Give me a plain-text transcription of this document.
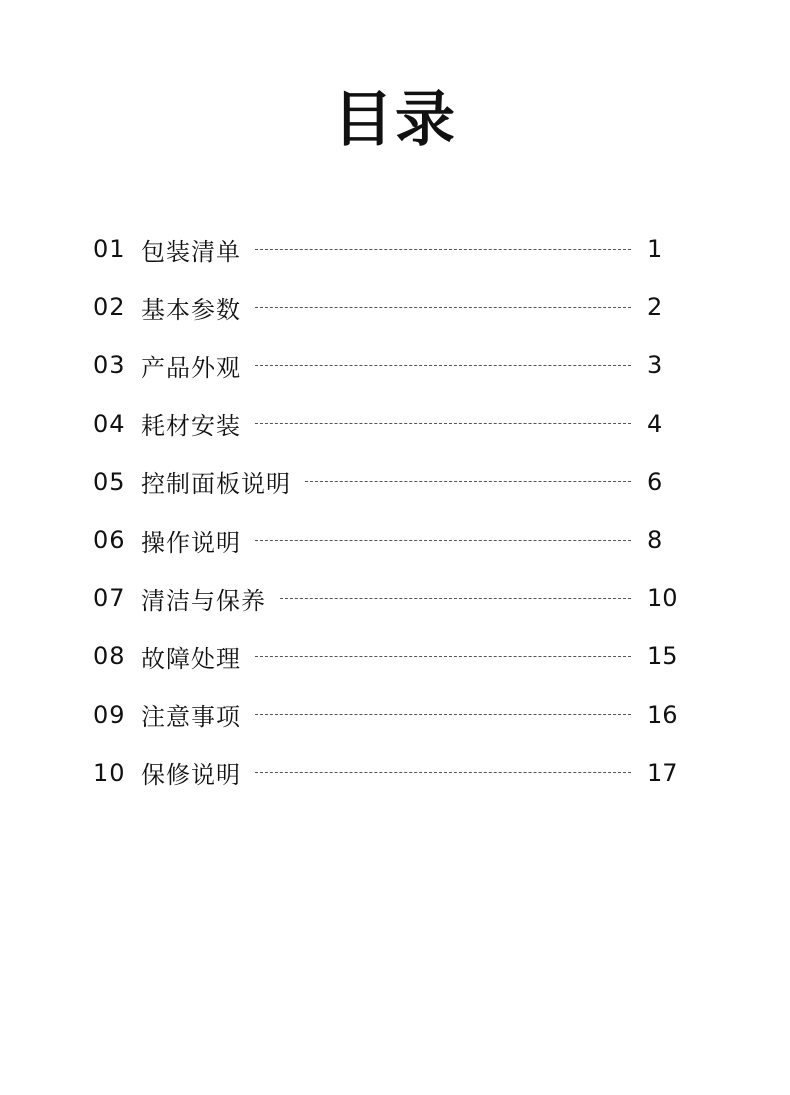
目录
01 包装清单	1
02 基本参数	2
03 产品外观	3
04 耗材安装	4
05 控制面板说明	6
06 操作说明	8
07 清洁与保养	10
08 故障处理	15
09 注意事项	16
10 保修说明	17
